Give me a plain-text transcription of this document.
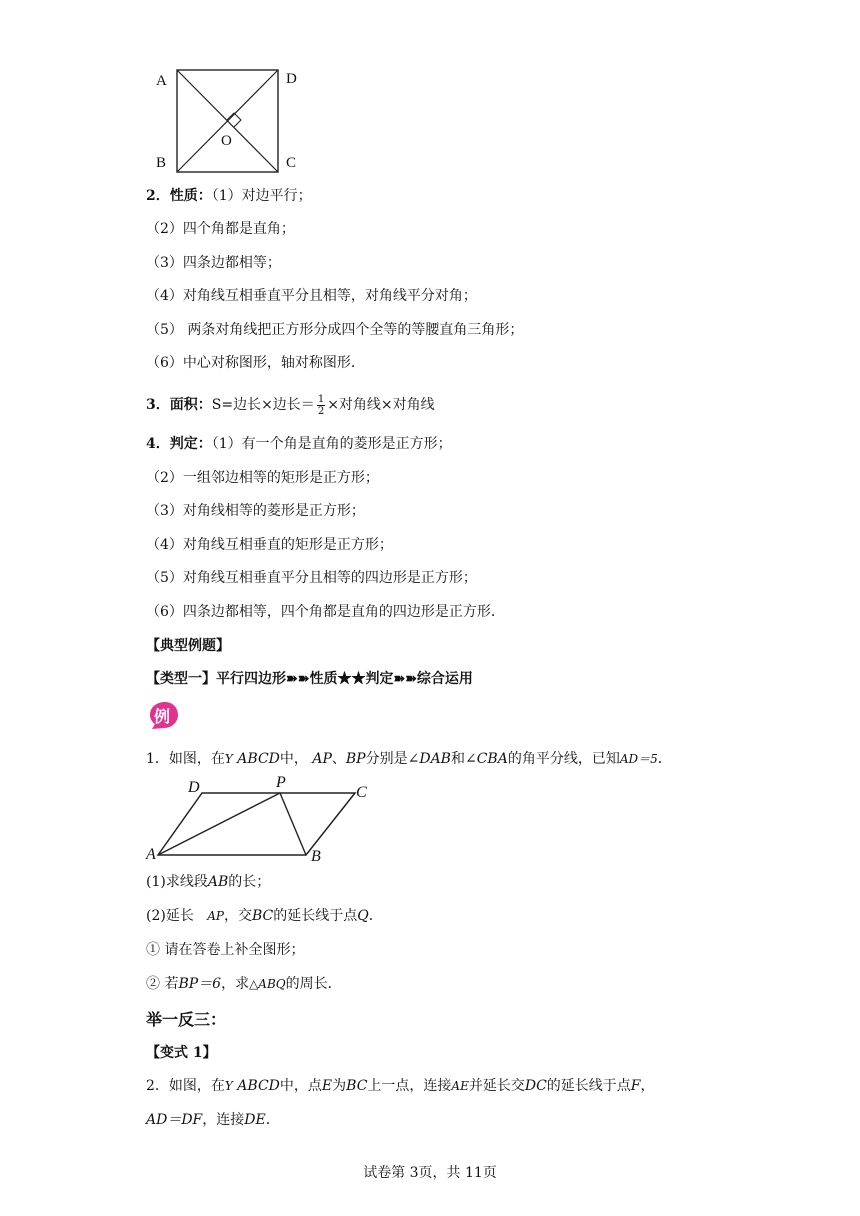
A	D
B	C
O
2．性质：（1）对边平行；
（2）四个角都是直角；
（3）四条边都相等；
（4）对角线互相垂直平分且相等，对角线平分对角；
（5） 两条对角线把正方形分成四个全等的等腰直角三角形；
（6）中心对称图形，轴对称图形．
3．面积：S=边长×边长＝ $\frac{1}{2}$ ×对角线×对角线
4．判定：（1）有一个角是直角的菱形是正方形；
（2）一组邻边相等的矩形是正方形；
（3）对角线相等的菱形是正方形；
（4）对角线互相垂直的矩形是正方形；
（5）对角线互相垂直平分且相等的四边形是正方形；
（6）四条边都相等，四个角都是直角的四边形是正方形．
【典型例题】
【类型一】平行四边形➽➽性质★★判定➽➽综合运用
例
1．如图，在Y ABCD中， AP、BP分别是∠DAB和∠CBA的角平分线，已知AD＝5．
D	P
C
A	B
(1)求线段AB的长；
(2)延长 AP，交BC的延长线于点Q．
① 请在答卷上补全图形；
② 若BP＝6，求△ABQ的周长．
举一反三：
【变式 1】
2．如图，在Y ABCD中，点E为BC上一点，连接AE并延长交DC的延长线于点F，
AD＝DF，连接DE．
试卷第 3页，共 11页
